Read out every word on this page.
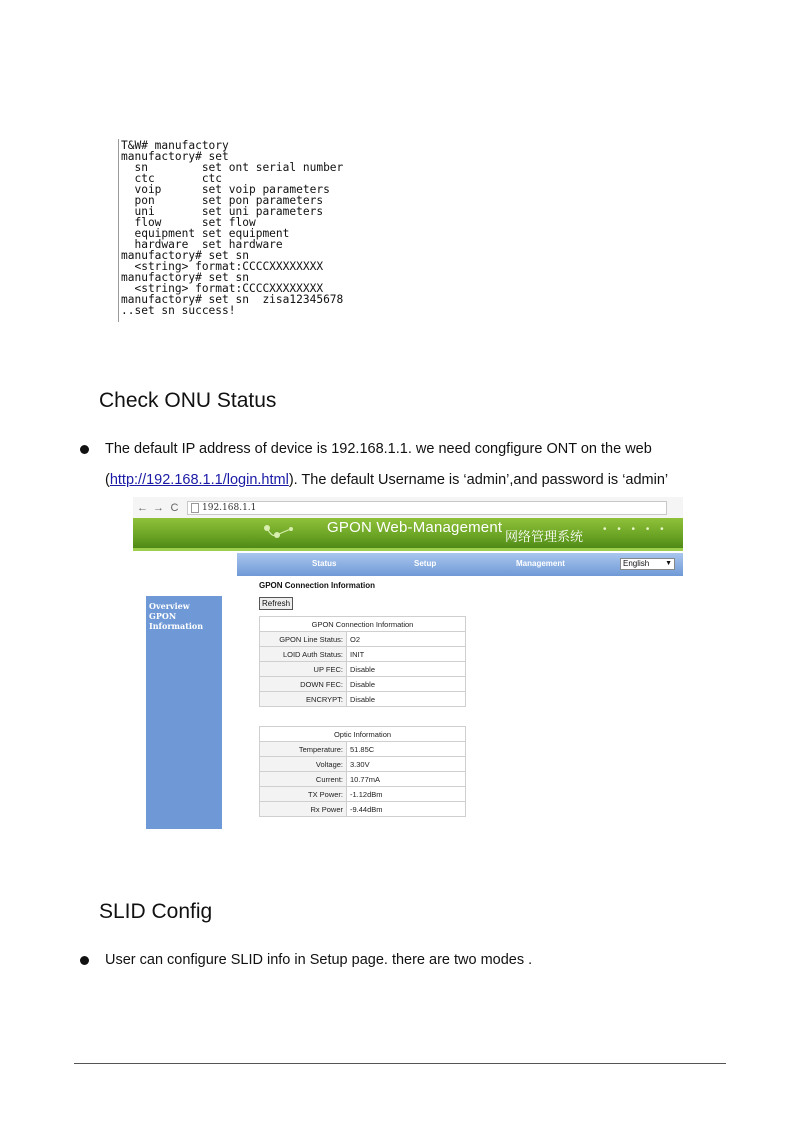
T&W# manufactory
manufactory# set
sn        set ont serial number
ctc       ctc
voip      set voip parameters
pon       set pon parameters
uni       set uni parameters
flow      set flow
equipment set equipment
hardware  set hardware
manufactory# set sn
<string> format:CCCCXXXXXXXX
manufactory# set sn
<string> format:CCCCXXXXXXXX
manufactory# set sn  zisa12345678
..set sn success!
Check ONU Status
The default IP address of device is 192.168.1.1. we need congfigure ONT on the web
(http://192.168.1.1/login.html). The default Username is ‘admin’,and password is ‘admin’
← → C	192.168.1.1
GPON Web-Management
网络管理系统 • • • • •
Status	Setup	Management	English ▼
Overview
GPON Information
GPON Connection Information
Refresh
GPON Connection Information	
GPON Line Status:	O2
LOID Auth Status:	INIT
UP FEC:	Disable
DOWN FEC:	Disable
ENCRYPT:	Disable
Optic Information	
Temperature:	51.85C
Voltage:	3.30V
Current:	10.77mA
TX Power:	-1.12dBm
Rx Power	-9.44dBm
SLID Config
User can configure SLID info in Setup page. there are two modes .
